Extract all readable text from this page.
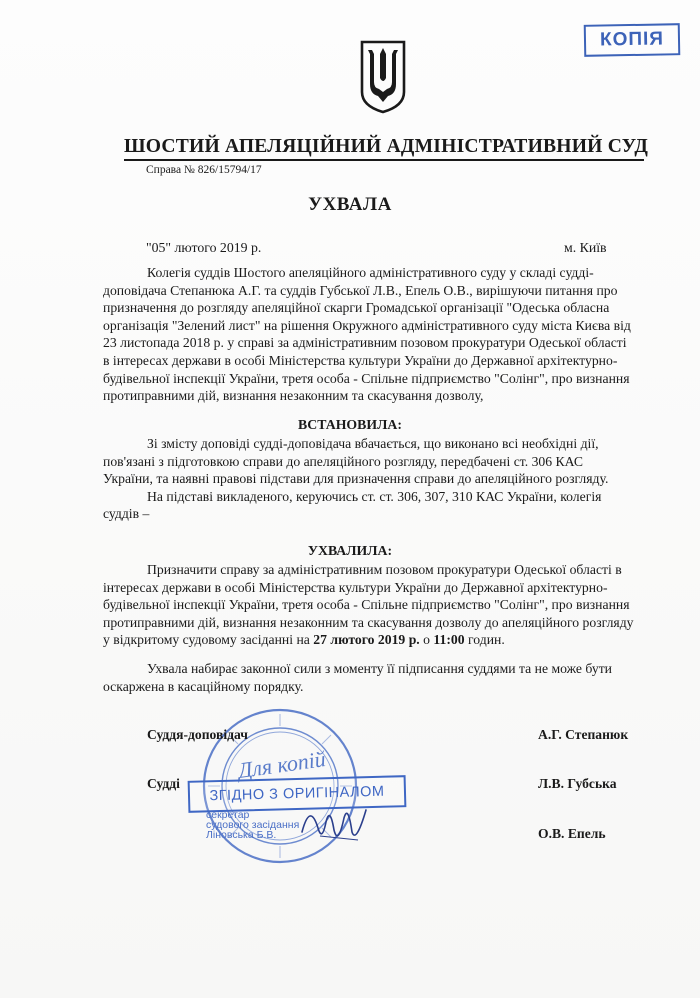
КОПІЯ
ШОСТИЙ АПЕЛЯЦІЙНИЙ АДМІНІСТРАТИВНИЙ СУД
Справа № 826/15794/17
УХВАЛА
"05" лютого 2019 р.	м. Київ
Колегія суддів Шостого апеляційного адміністративного суду у складі судді-
доповідача Степанюка А.Г. та суддів Губської Л.В., Епель О.В., вирішуючи питання про
призначення до розгляду апеляційної скарги Громадської організації "Одеська обласна
організація "Зелений лист" на рішення Окружного адміністративного суду міста Києва від
23 листопада 2018 р. у справі за адміністративним позовом прокуратури Одеської області
в інтересах держави в особі Міністерства культури України до Державної архітектурно-
будівельної інспекції України, третя особа - Спільне підприємство "Солінг", про визнання
протиправними дій, визнання незаконним та скасування дозволу,
ВСТАНОВИЛА:
Зі змісту доповіді судді-доповідача вбачається, що виконано всі необхідні дії,
пов'язані з підготовкою справи до апеляційного розгляду, передбачені ст. 306 КАС
України, та наявні правові підстави для призначення справи до апеляційного розгляду.
На підставі викладеного, керуючись ст. ст. 306, 307, 310 КАС України, колегія
суддів –
УХВАЛИЛА:
Призначити справу за адміністративним позовом прокуратури Одеської області в
інтересах держави в особі Міністерства культури України до Державної архітектурно-
будівельної інспекції України, третя особа - Спільне підприємство "Солінг", про визнання
протиправними дій, визнання незаконним та скасування дозволу до апеляційного розгляду
у відкритому судовому засіданні на 27 лютого 2019 р. о 11:00 годин.
Ухвала набирає законної сили з моменту її підписання суддями та не може бути
оскаржена в касаційному порядку.
Для копій
ЗГІДНО З ОРИГІНАЛОМ
секретар
судового засідання
Ліновська Б.В.
Суддя-доповідач	А.Г. Степанюк
Судді	Л.В. Губська
О.В. Епель
